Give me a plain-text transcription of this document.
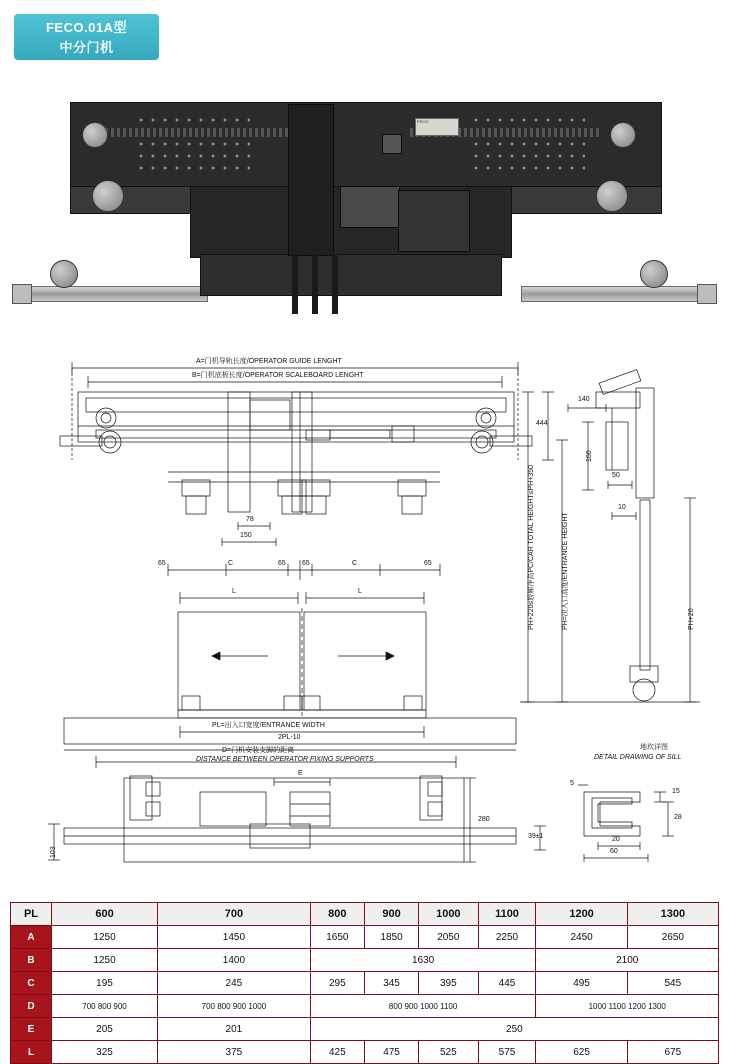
FECO.01A型
中分门机
FECO
A=门机导轨长度/OPERATOR GUIDE LENGHT
B=门机底板长度/OPERATOR SCALEBOARD LENGHT
78
150
65	C	65 65	C	65
L	L
PL=出入口宽度/ENTRANCE WIDTH
2PL-10
D=门机安装支脚的距离
DISTANCE BETWEEN OPERATOR FIXING SUPPORTS
E
280
103
39±1
444
140
160
50
10
PH+220≤轿厢净高PC/CAR TOTAL HEIGHT≤PH+350	PH=出入口高度/ENTRANCE HEIGHT	PH+20
地坎详图
DETAIL DRAWING OF SILL
5
15
28
20
60
PL	600	700	800	900	1000	1100	1200	1300
A	1250	1450	1650	1850	2050	2250	2450	2650
B	1250	1400	1630				2100	
C	195	245	295	345	395	445	495	545
D	700 800 900	700 800 900 1000	800 900 1000 1100				1000 1100 1200 1300	
E	205	201	250					
L	325	375	425	475	525	575	625	675
